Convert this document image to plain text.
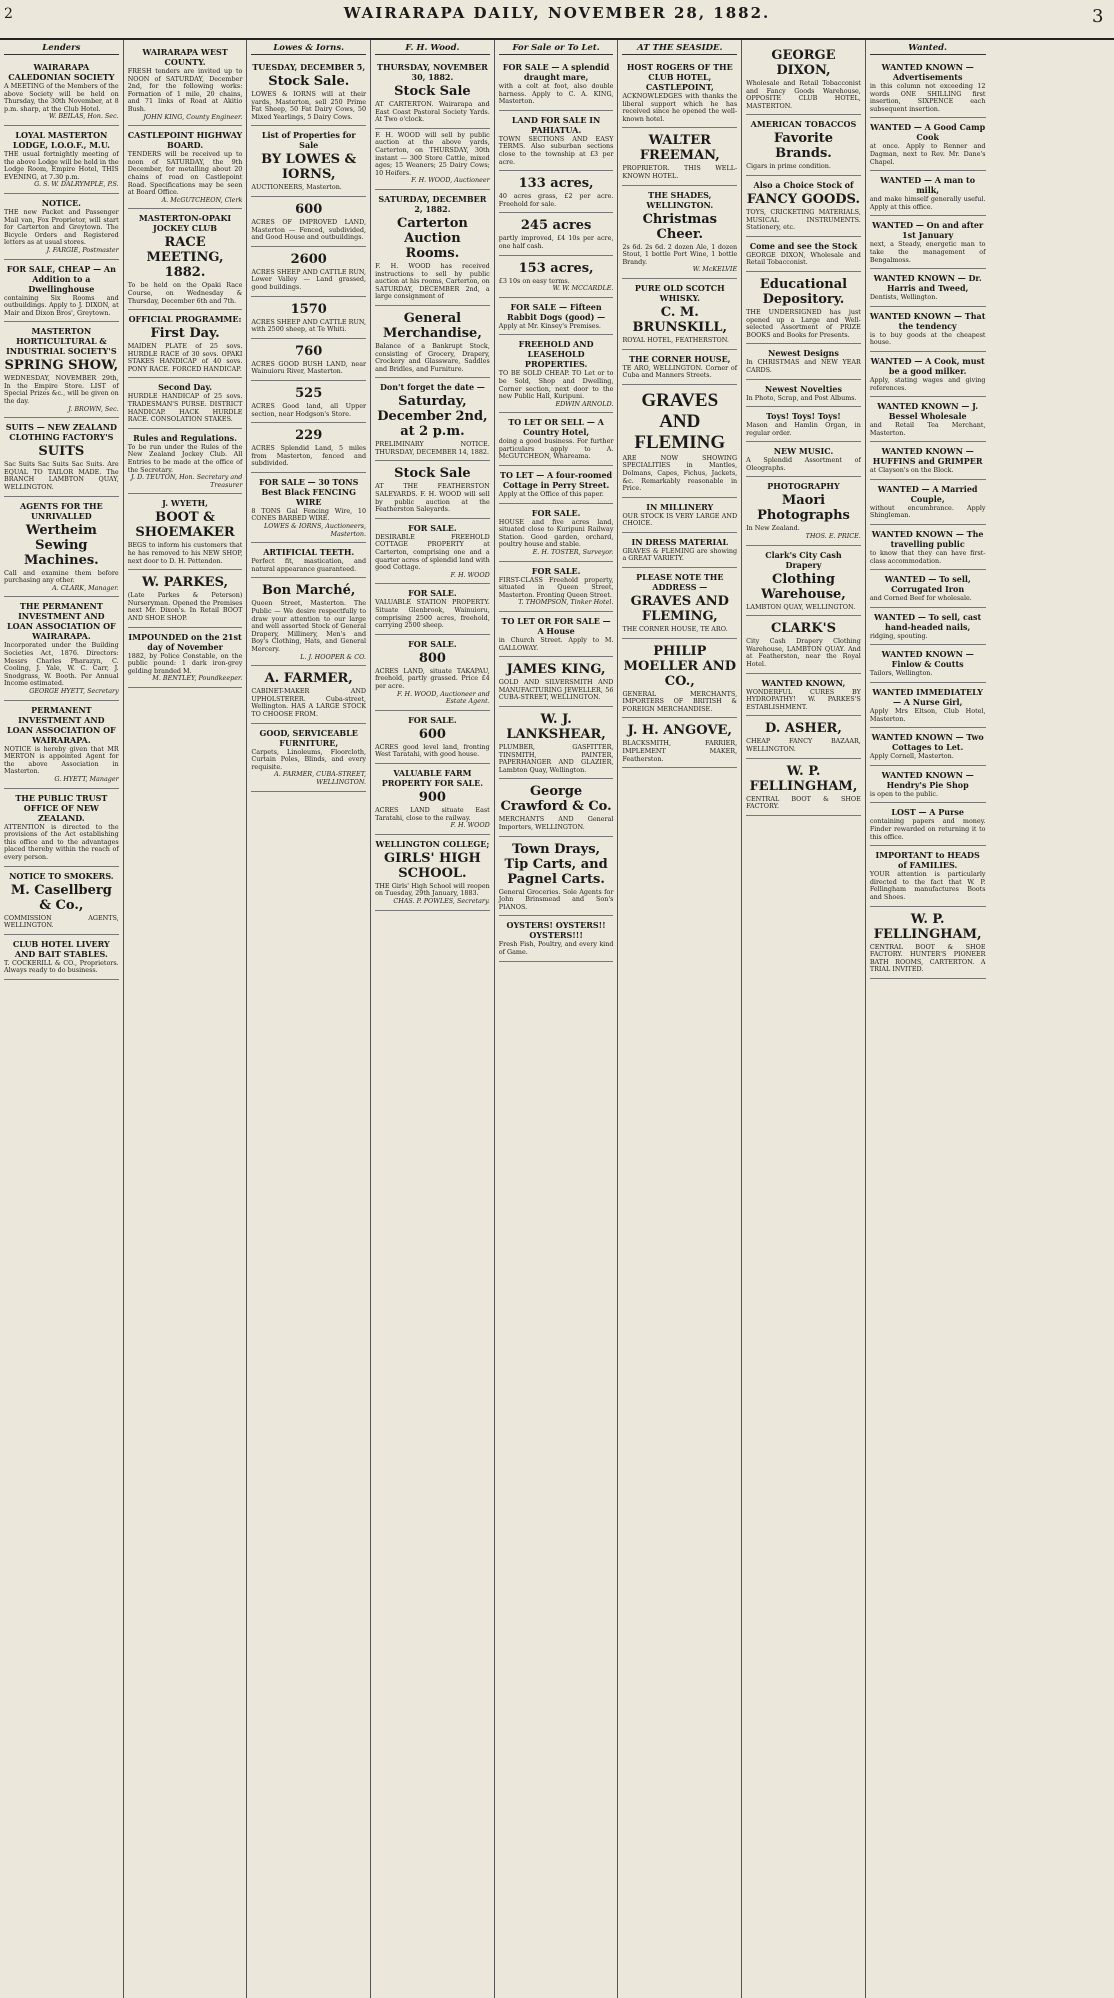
2	WAIRARAPA DAILY, NOVEMBER 28, 1882.	3
Lenders
WAIRARAPA CALEDONIAN SOCIETY
A MEETING of the Members of the above Society will be held on Thursday, the 30th November, at 8 p.m. sharp, at the Club Hotel.
W. BEILAS, Hon. Sec.
LOYAL MASTERTON LODGE, I.O.O.F., M.U.
THE usual fortnightly meeting of the above Lodge will be held in the Lodge Room, Empire Hotel, THIS EVENING, at 7.30 p.m.
G. S. W. DALRYMPLE, P.S.
NOTICE.
THE new Packet and Passenger Mail van, Fox Proprietor, will start for Carterton and Greytown. The Bicycle Orders and Registered letters as at usual stores.
J. FARGIE, Postmaster
FOR SALE, CHEAP — An Addition to a Dwellinghouse
containing Six Rooms and outbuildings. Apply to J. DIXON, at Mair and Dixon Bros', Greytown.
MASTERTON HORTICULTURAL & INDUSTRIAL SOCIETY'S
SPRING SHOW,
WEDNESDAY, NOVEMBER 29th, In the Empire Store. LIST of Special Prizes &c., will be given on the day.
J. BROWN, Sec.
SUITS — NEW ZEALAND CLOTHING FACTORY'S
SUITS
Sac Suits Sac Suits Sac Suits. Are EQUAL TO TAILOR MADE. The BRANCH LAMBTON QUAY, WELLINGTON.
AGENTS FOR THE UNRIVALLED
Wertheim Sewing Machines.
Call and examine them before purchasing any other.
A. CLARK, Manager.
THE PERMANENT INVESTMENT AND LOAN ASSOCIATION OF WAIRARAPA.
Incorporated under the Building Societies Act, 1876. Directors: Messrs Charles Pharazyn, C. Cooling, J. Yale, W. C. Carr, J. Snodgrass, W. Booth. Per Annual Income estimated.
GEORGE HYETT, Secretary
PERMANENT INVESTMENT AND LOAN ASSOCIATION OF WAIRARAPA.
NOTICE is hereby given that MR MERTON is appointed Agent for the above Association in Masterton.
G. HYETT, Manager
THE PUBLIC TRUST OFFICE OF NEW ZEALAND.
ATTENTION is directed to the provisions of the Act establishing this office and to the advantages placed thereby within the reach of every person.
NOTICE TO SMOKERS.
M. Casellberg & Co.,
COMMISSION AGENTS, WELLINGTON.
CLUB HOTEL LIVERY AND BAIT STABLES.
T. COCKERILL & CO., Proprietors. Always ready to do business.
WAIRARAPA WEST COUNTY.
FRESH tenders are invited up to NOON of SATURDAY, December 2nd, for the following works: Formation of 1 mile, 20 chains, and 71 links of Road at Akitio Bush.
JOHN KING, County Engineer.
CASTLEPOINT HIGHWAY BOARD.
TENDERS will be received up to noon of SATURDAY, the 9th December, for metalling about 20 chains of road on Castlepoint Road. Specifications may be seen at Board Office.
A. McGUTCHEON, Clerk
MASTERTON-OPAKI JOCKEY CLUB
RACE MEETING, 1882.
To be held on the Opaki Race Course, on Wednesday & Thursday, December 6th and 7th.
OFFICIAL PROGRAMME:
First Day.
MAIDEN PLATE of 25 sovs. HURDLE RACE of 30 sovs. OPAKI STAKES HANDICAP of 40 sovs. PONY RACE. FORCED HANDICAP.
Second Day.
HURDLE HANDICAP of 25 sovs. TRADESMAN'S PURSE. DISTRICT HANDICAP. HACK HURDLE RACE. CONSOLATION STAKES.
Rules and Regulations.
To be run under the Rules of the New Zealand Jockey Club. All Entries to be made at the office of the Secretary.
J. D. TEUTON, Hon. Secretary and Treasurer
J. WYETH,
BOOT & SHOEMAKER
BEGS to inform his customers that he has removed to his NEW SHOP, next door to D. H. Pettendon.
W. PARKES,
(Late Parkes & Peterson) Nurseryman. Opened the Premises next Mr. Dixon's. In Retail BOOT AND SHOE SHOP.
IMPOUNDED on the 21st day of November
1882, by Police Constable, on the public pound: 1 dark iron-grey gelding branded M.
M. BENTLEY, Poundkeeper.
Lowes & Iorns.
TUESDAY, DECEMBER 5,
Stock Sale.
LOWES & IORNS will at their yards, Masterton, sell 250 Prime Fat Sheep, 50 Fat Dairy Cows, 50 Mixed Yearlings, 5 Dairy Cows.
List of Properties for Sale
BY LOWES & IORNS,
AUCTIONEERS, Masterton.
600
ACRES OF IMPROVED LAND, Masterton — Fenced, subdivided, and Good House and outbuildings.
2600
ACRES SHEEP AND CATTLE RUN, Lower Valley — Land grassed, good buildings.
1570
ACRES SHEEP AND CATTLE RUN, with 2500 sheep, at Te Whiti.
760
ACRES GOOD BUSH LAND, near Wainuioru River, Masterton.
525
ACRES Good land, all Upper section, near Hodgson's Store.
229
ACRES Splendid Land, 5 miles from Masterton, fenced and subdivided.
FOR SALE — 30 TONS Best Black FENCING WIRE
8 TONS Gal Fencing Wire, 10 CONES BARBED WIRE.
LOWES & IORNS, Auctioneers, Masterton.
ARTIFICIAL TEETH.
Perfect fit, mastication, and natural appearance guaranteed.
Bon Marché,
Queen Street, Masterton. The Public — We desire respectfully to draw your attention to our large and well assorted Stock of General Drapery, Millinery, Men's and Boy's Clothing, Hats, and General Mercery.
L. J. HOOPER & CO.
A. FARMER,
CABINET-MAKER AND UPHOLSTERER. Cuba-street, Wellington. HAS A LARGE STOCK TO CHOOSE FROM.
GOOD, SERVICEABLE FURNITURE,
Carpets, Linoleums, Floorcloth, Curtain Poles, Blinds, and every requisite.
A. FARMER, CUBA-STREET, WELLINGTON.
F. H. Wood.
THURSDAY, NOVEMBER 30, 1882.
Stock Sale
AT CARTERTON. Wairarapa and East Coast Pastoral Society Yards. At Two o'clock.
F. H. WOOD will sell by public auction at the above yards, Carterton, on THURSDAY, 30th instant — 300 Store Cattle, mixed ages; 15 Weaners; 25 Dairy Cows; 10 Heifers.
F. H. WOOD, Auctioneer
SATURDAY, DECEMBER 2, 1882.
Carterton Auction Rooms.
F. H. WOOD has received instructions to sell by public auction at his rooms, Carterton, on SATURDAY, DECEMBER 2nd, a large consignment of
General Merchandise,
Balance of a Bankrupt Stock, consisting of Grocery, Drapery, Crockery and Glassware, Saddles and Bridles, and Furniture.
Don't forget the date —
Saturday, December 2nd, at 2 p.m.
PRELIMINARY NOTICE. THURSDAY, DECEMBER 14, 1882.
Stock Sale
AT THE FEATHERSTON SALEYARDS. F. H. WOOD will sell by public auction at the Featherston Saleyards.
FOR SALE.
DESIRABLE FREEHOLD COTTAGE PROPERTY at Carterton, comprising one and a quarter acres of splendid land with good Cottage.
F. H. WOOD
FOR SALE.
VALUABLE STATION PROPERTY. Situate Glenbrook, Wainuioru, comprising 2500 acres, freehold, carrying 2500 sheep.
FOR SALE.
800
ACRES LAND, situate TAKAPAU, freehold, partly grassed. Price £4 per acre.
F. H. WOOD, Auctioneer and Estate Agent.
FOR SALE.
600
ACRES good level land, fronting West Taratahi, with good house.
VALUABLE FARM PROPERTY FOR SALE.
900
ACRES LAND situate East Taratahi, close to the railway.
F. H. WOOD
WELLINGTON COLLEGE;
GIRLS' HIGH SCHOOL.
THE Girls' High School will reopen on Tuesday, 29th January, 1883.
CHAS. P. POWLES, Secretary.
For Sale or To Let.
FOR SALE — A splendid draught mare,
with a colt at foot, also double harness. Apply to C. A. KING, Masterton.
LAND FOR SALE IN PAHIATUA.
TOWN SECTIONS AND EASY TERMS. Also suburban sections close to the township at £3 per acre.
133 acres,
40 acres grass, £2 per acre. Freehold for sale.
245 acres
partly improved, £4 10s per acre, one half cash.
153 acres,
£3 10s on easy terms.
W. W. MCCARDLE.
FOR SALE — Fifteen Rabbit Dogs (good) —
Apply at Mr. Kinsey's Premises.
FREEHOLD AND LEASEHOLD PROPERTIES.
TO BE SOLD CHEAP. TO Let or to be Sold, Shop and Dwelling, Corner section, next door to the new Public Hall, Kuripuni.
EDWIN ARNOLD.
TO LET OR SELL — A Country Hotel,
doing a good business. For further particulars apply to A. McGUTCHEON, Whareama.
TO LET — A four-roomed Cottage in Perry Street.
Apply at the Office of this paper.
FOR SALE.
HOUSE and five acres land, situated close to Kuripuni Railway Station. Good garden, orchard, poultry house and stable.
E. H. TOSTER, Surveyor.
FOR SALE.
FIRST-CLASS Freehold property, situated in Queen Street, Masterton. Fronting Queen Street.
T. THOMPSON, Tinker Hotel.
TO LET OR FOR SALE — A House
in Church Street. Apply to M. GALLOWAY.
JAMES KING,
GOLD AND SILVERSMITH AND MANUFACTURING JEWELLER, 56 CUBA-STREET, WELLINGTON.
W. J. LANKSHEAR,
PLUMBER, GASFITTER, TINSMITH, PAINTER, PAPERHANGER AND GLAZIER, Lambton Quay, Wellington.
George Crawford & Co.
MERCHANTS AND General Importers, WELLINGTON.
Town Drays, Tip Carts, and Pagnel Carts.
General Groceries. Sole Agents for John Brinsmead and Son's PIANOS.
OYSTERS! OYSTERS!! OYSTERS!!!
Fresh Fish, Poultry, and every kind of Game.
AT THE SEASIDE.
HOST ROGERS OF THE CLUB HOTEL, CASTLEPOINT,
ACKNOWLEDGES with thanks the liberal support which he has received since he opened the well-known hotel.
WALTER FREEMAN,
PROPRIETOR. THIS WELL-KNOWN HOTEL.
THE SHADES, WELLINGTON.
Christmas Cheer.
2s 6d. 2s 6d. 2 dozen Ale, 1 dozen Stout, 1 bottle Port Wine, 1 bottle Brandy.
W. McKELVIE
PURE OLD SCOTCH WHISKY.
C. M. BRUNSKILL,
ROYAL HOTEL, FEATHERSTON.
THE CORNER HOUSE,
TE ARO, WELLINGTON. Corner of Cuba and Manners Streets.
GRAVES AND FLEMING
ARE NOW SHOWING SPECIALITIES in Mantles, Dolmans, Capes, Fichus, Jackets, &c. Remarkably reasonable in Price.
IN MILLINERY
OUR STOCK IS VERY LARGE AND CHOICE.
IN DRESS MATERIAL
GRAVES & FLEMING are showing a GREAT VARIETY.
PLEASE NOTE THE ADDRESS —
GRAVES AND FLEMING,
THE CORNER HOUSE, TE ARO.
PHILIP MOELLER AND CO.,
GENERAL MERCHANTS, IMPORTERS OF BRITISH & FOREIGN MERCHANDISE.
J. H. ANGOVE,
BLACKSMITH, FARRIER, IMPLEMENT MAKER, Featherston.
GEORGE DIXON,
Wholesale and Retail Tobacconist and Fancy Goods Warehouse, OPPOSITE CLUB HOTEL, MASTERTON.
AMERICAN TOBACCOS
Favorite Brands.
Cigars in prime condition.
Also a Choice Stock of
FANCY GOODS.
TOYS, CRICKETING MATERIALS, MUSICAL INSTRUMENTS. Stationery, etc.
Come and see the Stock
GEORGE DIXON, Wholesale and Retail Tobacconist.
Educational Depository.
THE UNDERSIGNED has just opened up a Large and Well-selected Assortment of PRIZE BOOKS and Books for Presents.
Newest Designs
In CHRISTMAS and NEW YEAR CARDS.
Newest Novelties
In Photo, Scrap, and Post Albums.
Toys! Toys! Toys!
Mason and Hamlin Organ, in regular order.
NEW MUSIC.
A Splendid Assortment of Oleographs.
PHOTOGRAPHY
Maori Photographs
In New Zealand.
THOS. E. PRICE.
Clark's City Cash Drapery
Clothing Warehouse,
LAMBTON QUAY, WELLINGTON.
CLARK'S
City Cash Drapery Clothing Warehouse, LAMBTON QUAY. And at Featherston, near the Royal Hotel.
WANTED KNOWN,
WONDERFUL CURES BY HYDROPATHY! W. PARKES'S ESTABLISHMENT.
D. ASHER,
CHEAP FANCY BAZAAR, WELLINGTON.
W. P. FELLINGHAM,
CENTRAL BOOT & SHOE FACTORY.
Wanted.
WANTED KNOWN — Advertisements
in this column not exceeding 12 words ONE SHILLING first insertion, SIXPENCE each subsequent insertion.
WANTED — A Good Camp Cook
at once. Apply to Renner and Dagman, next to Rev. Mr. Dane's Chapel.
WANTED — A man to milk,
and make himself generally useful. Apply at this office.
WANTED — On and after 1st January
next, a Steady, energetic man to take the management of Bengalmoss.
WANTED KNOWN — Dr. Harris and Tweed,
Dentists, Wellington.
WANTED KNOWN — That the tendency
is to buy goods at the cheapest house.
WANTED — A Cook, must be a good milker.
Apply, stating wages and giving references.
WANTED KNOWN — J. Bessel Wholesale
and Retail Tea Merchant, Masterton.
WANTED KNOWN — HUFFINS and GRIMPER
at Clayson's on the Block.
WANTED — A Married Couple,
without encumbrance. Apply Shingleman.
WANTED KNOWN — The travelling public
to know that they can have first-class accommodation.
WANTED — To sell, Corrugated Iron
and Corned Beef for wholesale.
WANTED — To sell, cast hand-headed nails,
ridging, spouting.
WANTED KNOWN — Finlow & Coutts
Tailors, Wellington.
WANTED IMMEDIATELY — A Nurse Girl,
Apply Mrs Eltson, Club Hotel, Masterton.
WANTED KNOWN — Two Cottages to Let.
Apply Cornell, Masterton.
WANTED KNOWN — Hendry's Pie Shop
is open to the public.
LOST — A Purse
containing papers and money. Finder rewarded on returning it to this office.
IMPORTANT to HEADS of FAMILIES.
YOUR attention is particularly directed to the fact that W. P. Fellingham manufactures Boots and Shoes.
W. P. FELLINGHAM,
CENTRAL BOOT & SHOE FACTORY. HUNTER'S PIONEER BATH ROOMS, CARTERTON. A TRIAL INVITED.
